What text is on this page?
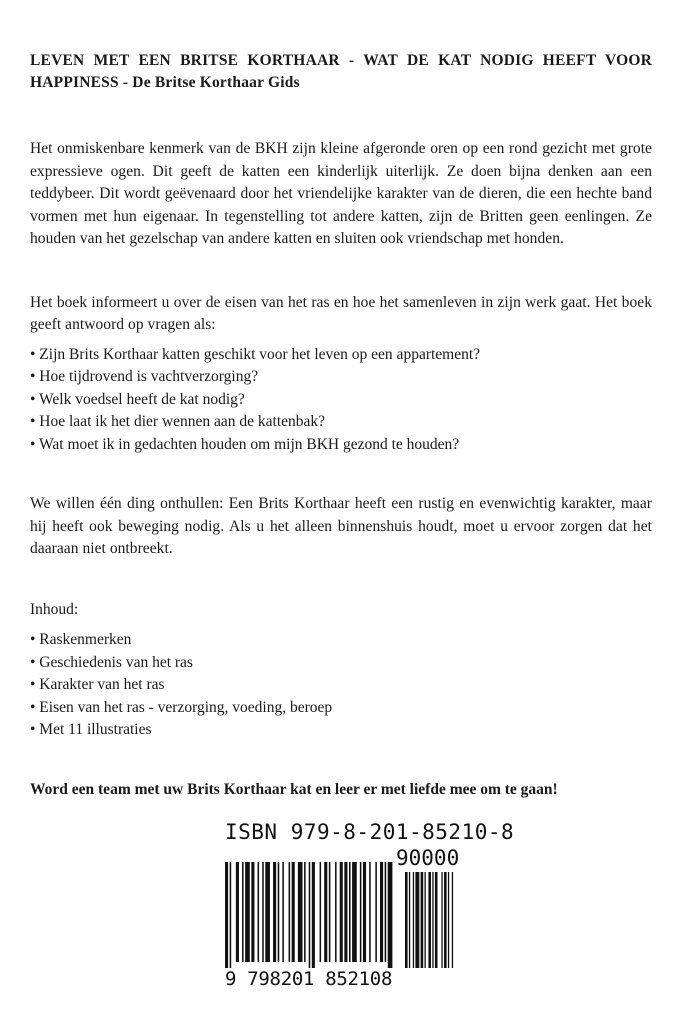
LEVEN MET EEN BRITSE KORTHAAR - WAT DE KAT NODIG HEEFT VOOR HAPPINESS - De Britse Korthaar Gids

Het onmiskenbare kenmerk van de BKH zijn kleine afgeronde oren op een rond gezicht met grote expressieve ogen. Dit geeft de katten een kinderlijk uiterlijk. Ze doen bijna denken aan een teddybeer. Dit wordt geëvenaard door het vriendelijke karakter van de dieren, die een hechte band vormen met hun eigenaar. In tegenstelling tot andere katten, zijn de Britten geen eenlingen. Ze houden van het gezelschap van andere katten en sluiten ook vriendschap met honden.

Het boek informeert u over de eisen van het ras en hoe het samenleven in zijn werk gaat. Het boek geeft antwoord op vragen als:

• Zijn Brits Korthaar katten geschikt voor het leven op een appartement?
• Hoe tijdrovend is vachtverzorging?
• Welk voedsel heeft de kat nodig?
• Hoe laat ik het dier wennen aan de kattenbak?
• Wat moet ik in gedachten houden om mijn BKH gezond te houden?

We willen één ding onthullen: Een Brits Korthaar heeft een rustig en evenwichtig karakter, maar hij heeft ook beweging nodig. Als u het alleen binnenshuis houdt, moet u ervoor zorgen dat het daaraan niet ontbreekt.

Inhoud:
• Raskenmerken
• Geschiedenis van het ras
• Karakter van het ras
• Eisen van het ras - verzorging, voeding, beroep
• Met 11 illustraties
Word een team met uw Brits Korthaar kat en leer er met liefde mee om te gaan!
ISBN 979-8-201-85210-8
90000
9 798201 852108
